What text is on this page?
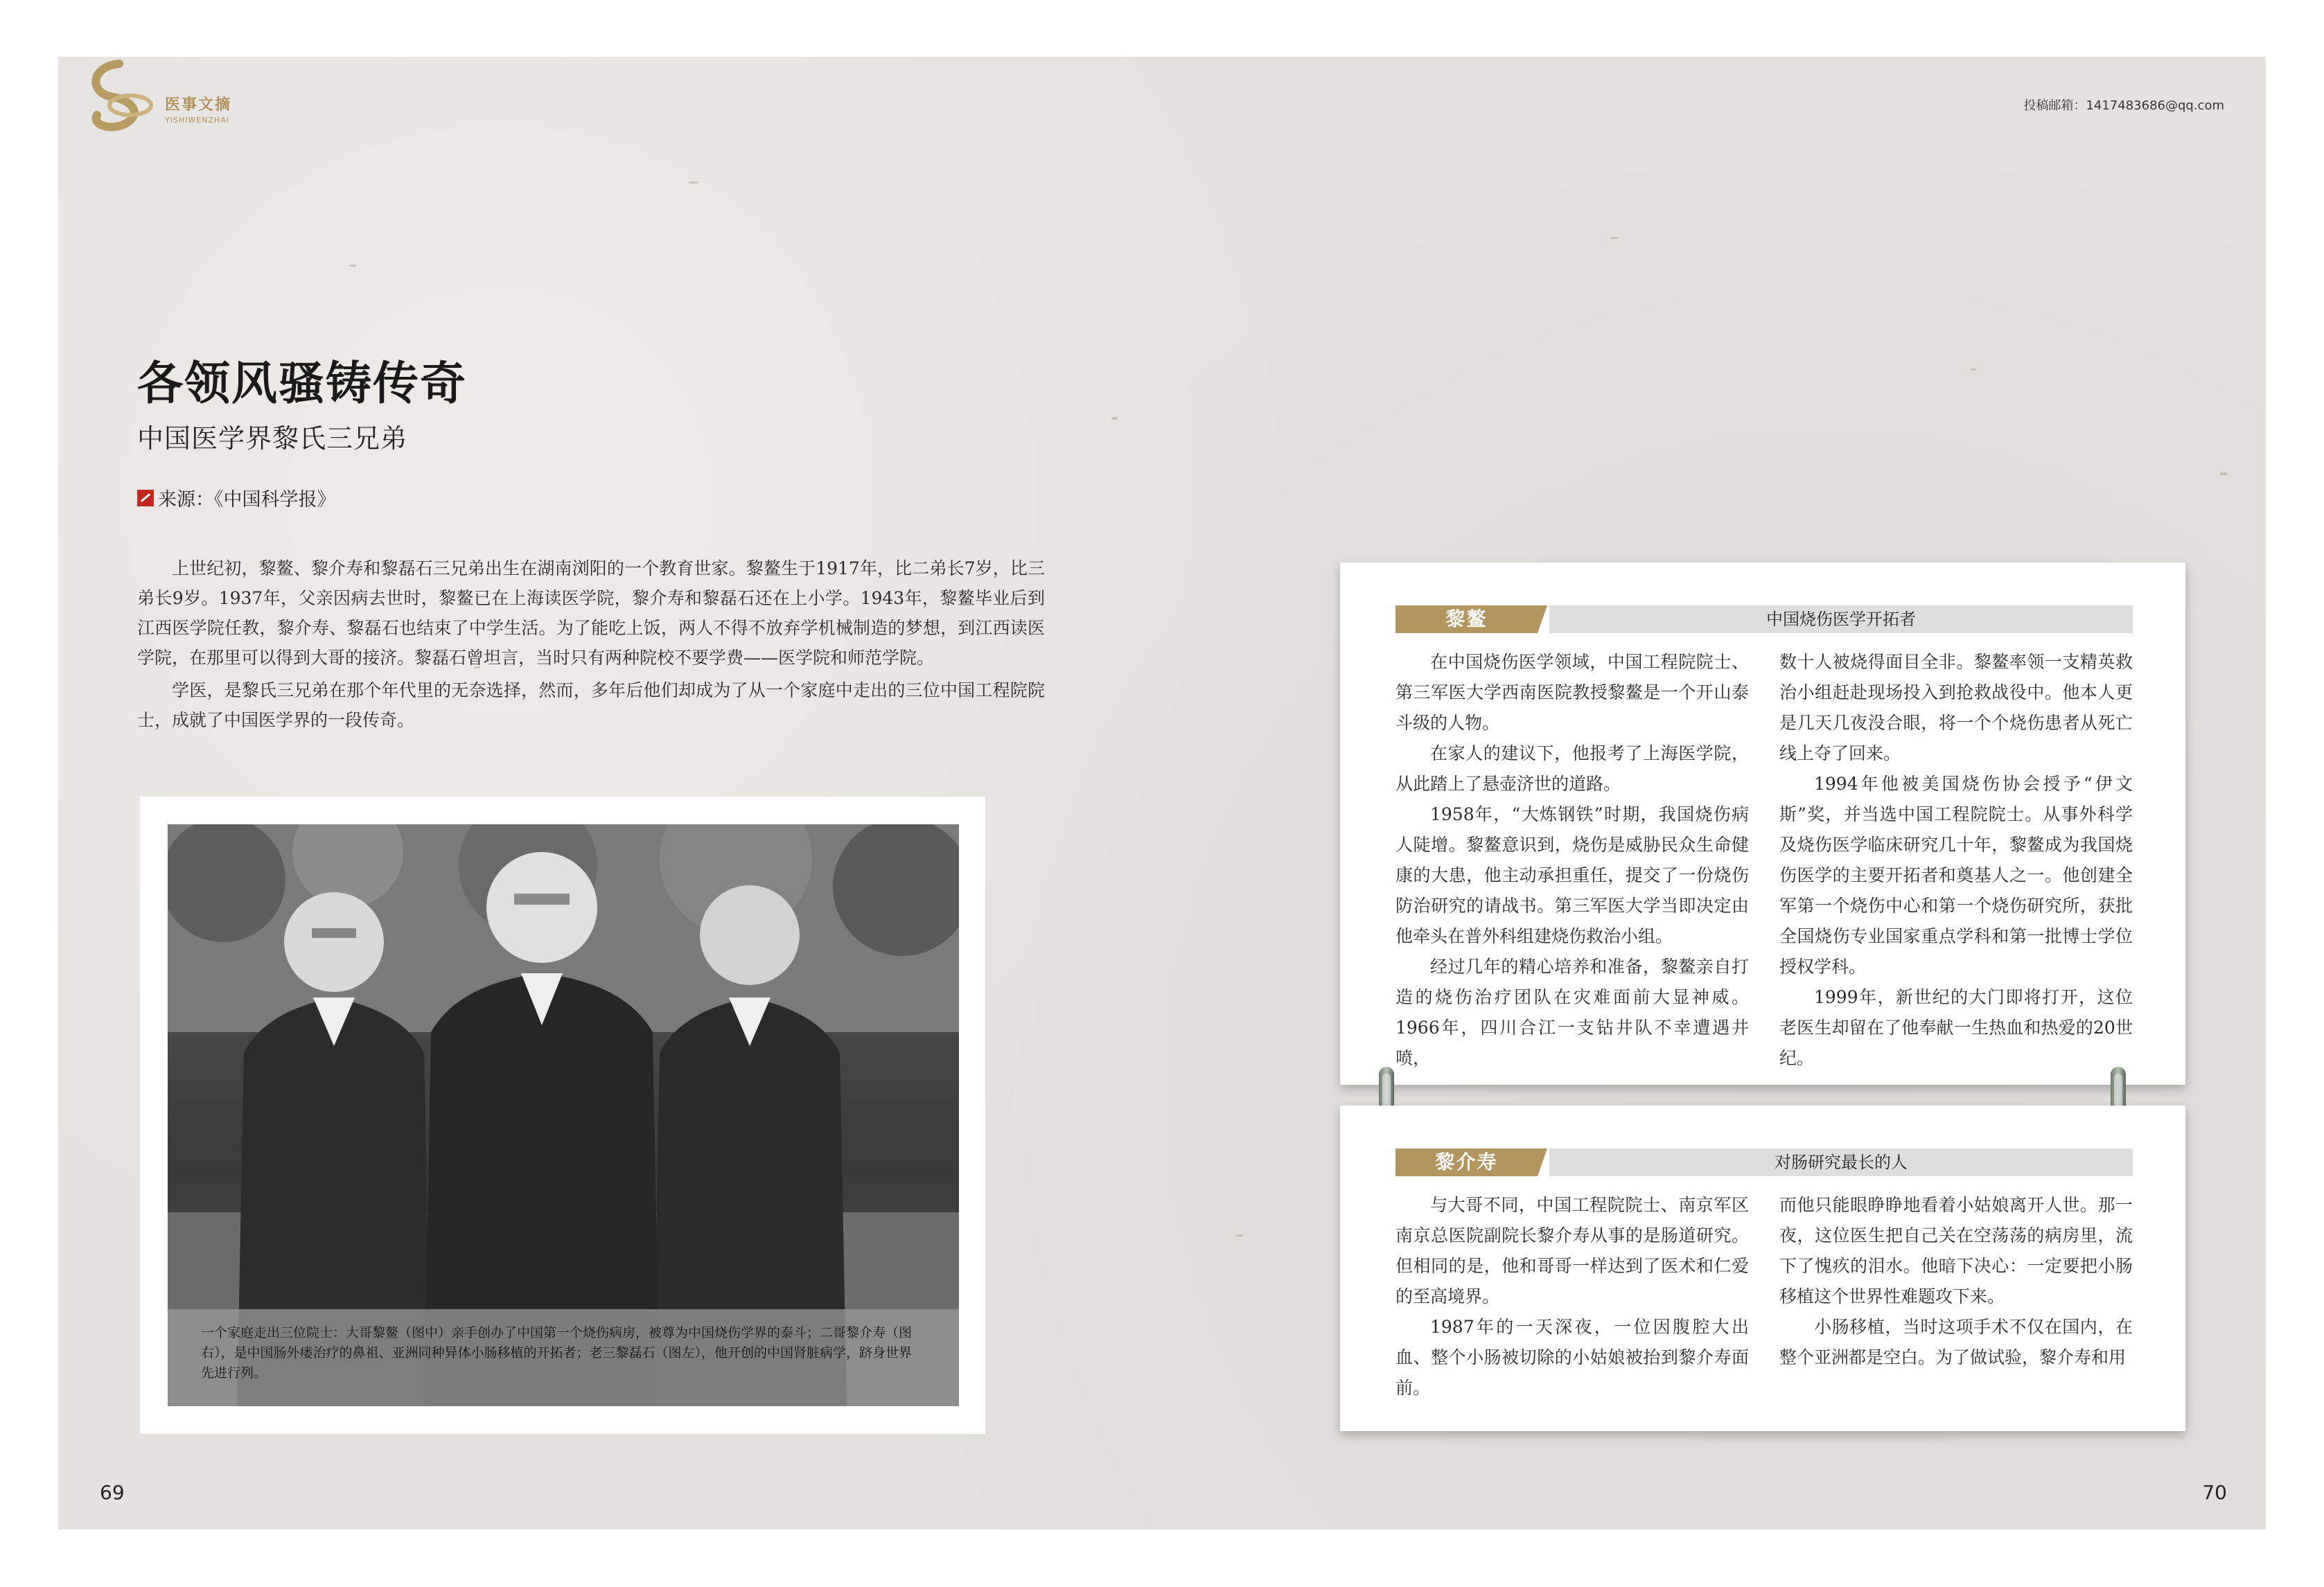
医事文摘
YISHIWENZHAI
投稿邮箱：1417483686@qq.com
各领风骚铸传奇
中国医学界黎氏三兄弟
来源：《中国科学报》

上世纪初，黎鳌、黎介寿和黎磊石三兄弟出生在湖南浏阳的一个教育世家。黎鳌生于1917年，比二弟长7岁，比三弟长9岁。1937年，父亲因病去世时，黎鳌已在上海读医学院，黎介寿和黎磊石还在上小学。1943年，黎鳌毕业后到江西医学院任教，黎介寿、黎磊石也结束了中学生活。为了能吃上饭，两人不得不放弃学机械制造的梦想，到江西读医学院，在那里可以得到大哥的接济。黎磊石曾坦言，当时只有两种院校不要学费——医学院和师范学院。

学医，是黎氏三兄弟在那个年代里的无奈选择，然而，多年后他们却成为了从一个家庭中走出的三位中国工程院院士，成就了中国医学界的一段传奇。

一个家庭走出三位院士：大哥黎鳌（图中）亲手创办了中国第一个烧伤病房，被尊为中国烧伤学界的泰斗；二哥黎介寿（图右），是中国肠外瘘治疗的鼻祖、亚洲同种异体小肠移植的开拓者；老三黎磊石（图左），他开创的中国肾脏病学，跻身世界先进行列。
69	70
黎鳌	中国烧伤医学开拓者

在中国烧伤医学领域，中国工程院院士、第三军医大学西南医院教授黎鳌是一个开山泰斗级的人物。

在家人的建议下，他报考了上海医学院，从此踏上了悬壶济世的道路。

1958年，“大炼钢铁”时期，我国烧伤病人陡增。黎鳌意识到，烧伤是威胁民众生命健康的大患，他主动承担重任，提交了一份烧伤防治研究的请战书。第三军医大学当即决定由他牵头在普外科组建烧伤救治小组。

经过几年的精心培养和准备，黎鳌亲自打造的烧伤治疗团队在灾难面前大显神威。1966年，四川合江一支钻井队不幸遭遇井喷，

数十人被烧得面目全非。黎鳌率领一支精英救治小组赶赴现场投入到抢救战役中。他本人更是几天几夜没合眼，将一个个烧伤患者从死亡线上夺了回来。

1994年他被美国烧伤协会授予“伊文斯”奖，并当选中国工程院院士。从事外科学及烧伤医学临床研究几十年，黎鳌成为我国烧伤医学的主要开拓者和奠基人之一。他创建全军第一个烧伤中心和第一个烧伤研究所，获批全国烧伤专业国家重点学科和第一批博士学位授权学科。

1999年，新世纪的大门即将打开，这位老医生却留在了他奉献一生热血和热爱的20世纪。

黎介寿	对肠研究最长的人

与大哥不同，中国工程院院士、南京军区南京总医院副院长黎介寿从事的是肠道研究。但相同的是，他和哥哥一样达到了医术和仁爱的至高境界。

1987年的一天深夜，一位因腹腔大出血、整个小肠被切除的小姑娘被抬到黎介寿面前。

而他只能眼睁睁地看着小姑娘离开人世。那一夜，这位医生把自己关在空荡荡的病房里，流下了愧疚的泪水。他暗下决心：一定要把小肠移植这个世界性难题攻下来。

小肠移植，当时这项手术不仅在国内，在整个亚洲都是空白。为了做试验，黎介寿和用
